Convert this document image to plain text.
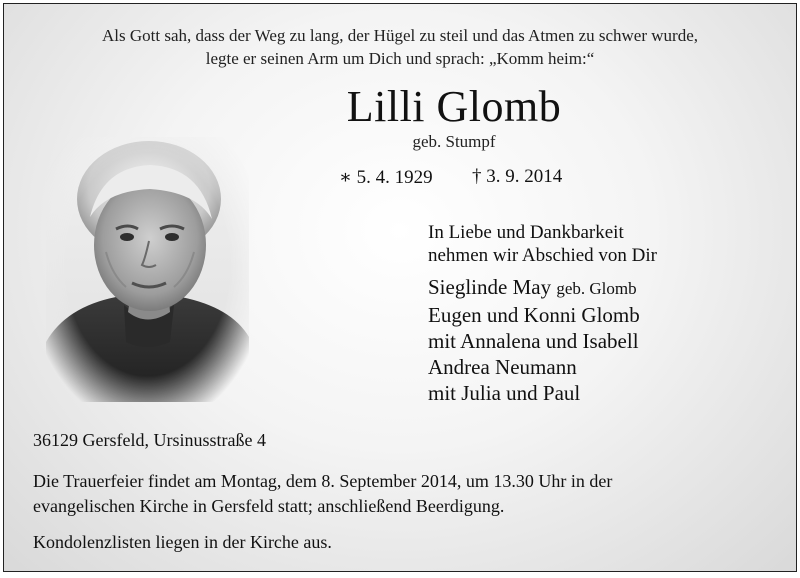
Als Gott sah, dass der Weg zu lang, der Hügel zu steil und das Atmen zu schwer wurde,
legte er seinen Arm um Dich und sprach: „Komm heim:“
Lilli Glomb
geb. Stumpf
∗ 5. 4. 1929 † 3. 9. 2014
In Liebe und Dankbarkeit
nehmen wir Abschied von Dir
Sieglinde May geb. Glomb
Eugen und Konni Glomb
mit Annalena und Isabell
Andrea Neumann
mit Julia und Paul
36129 Gersfeld, Ursinusstraße 4
Die Trauerfeier findet am Montag, dem 8. September 2014, um 13.30 Uhr in der
evangelischen Kirche in Gersfeld statt; anschließend Beerdigung.
Kondolenzlisten liegen in der Kirche aus.
